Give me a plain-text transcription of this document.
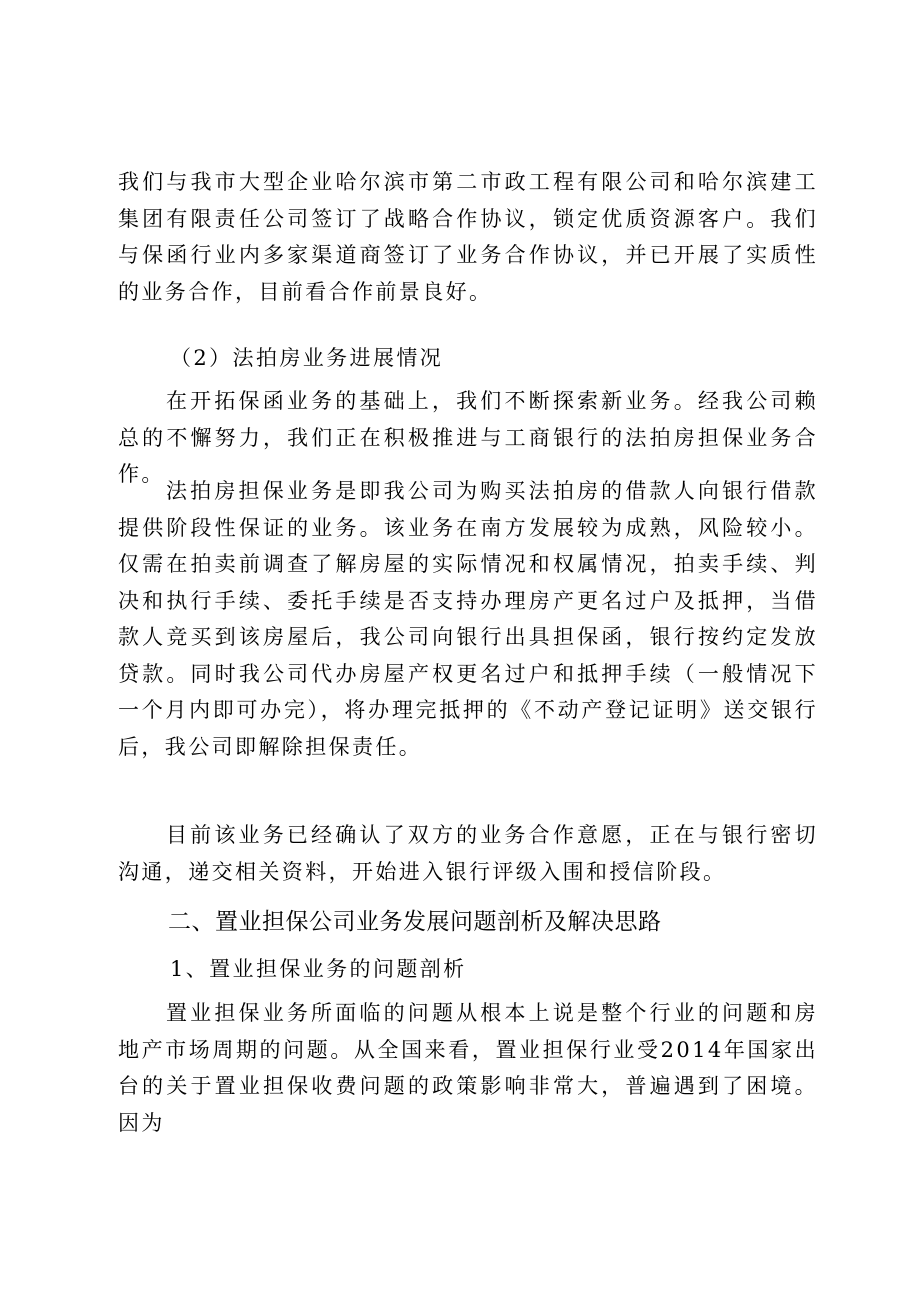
我们与我市大型企业哈尔滨市第二市政工程有限公司和哈尔滨建工集团有限责任公司签订了战略合作协议，锁定优质资源客户。我们与保函行业内多家渠道商签订了业务合作协议，并已开展了实质性的业务合作，目前看合作前景良好。

（2）法拍房业务进展情况

在开拓保函业务的基础上，我们不断探索新业务。经我公司赖总的不懈努力，我们正在积极推进与工商银行的法拍房担保业务合作。

法拍房担保业务是即我公司为购买法拍房的借款人向银行借款提供阶段性保证的业务。该业务在南方发展较为成熟，风险较小。仅需在拍卖前调查了解房屋的实际情况和权属情况，拍卖手续、判决和执行手续、委托手续是否支持办理房产更名过户及抵押，当借款人竞买到该房屋后，我公司向银行出具担保函，银行按约定发放贷款。同时我公司代办房屋产权更名过户和抵押手续（一般情况下一个月内即可办完），将办理完抵押的《不动产登记证明》送交银行后，我公司即解除担保责任。

目前该业务已经确认了双方的业务合作意愿，正在与银行密切沟通，递交相关资料，开始进入银行评级入围和授信阶段。

二、置业担保公司业务发展问题剖析及解决思路

1、置业担保业务的问题剖析

置业担保业务所面临的问题从根本上说是整个行业的问题和房地产市场周期的问题。从全国来看，置业担保行业受2014年国家出台的关于置业担保收费问题的政策影响非常大，普遍遇到了困境。因为
